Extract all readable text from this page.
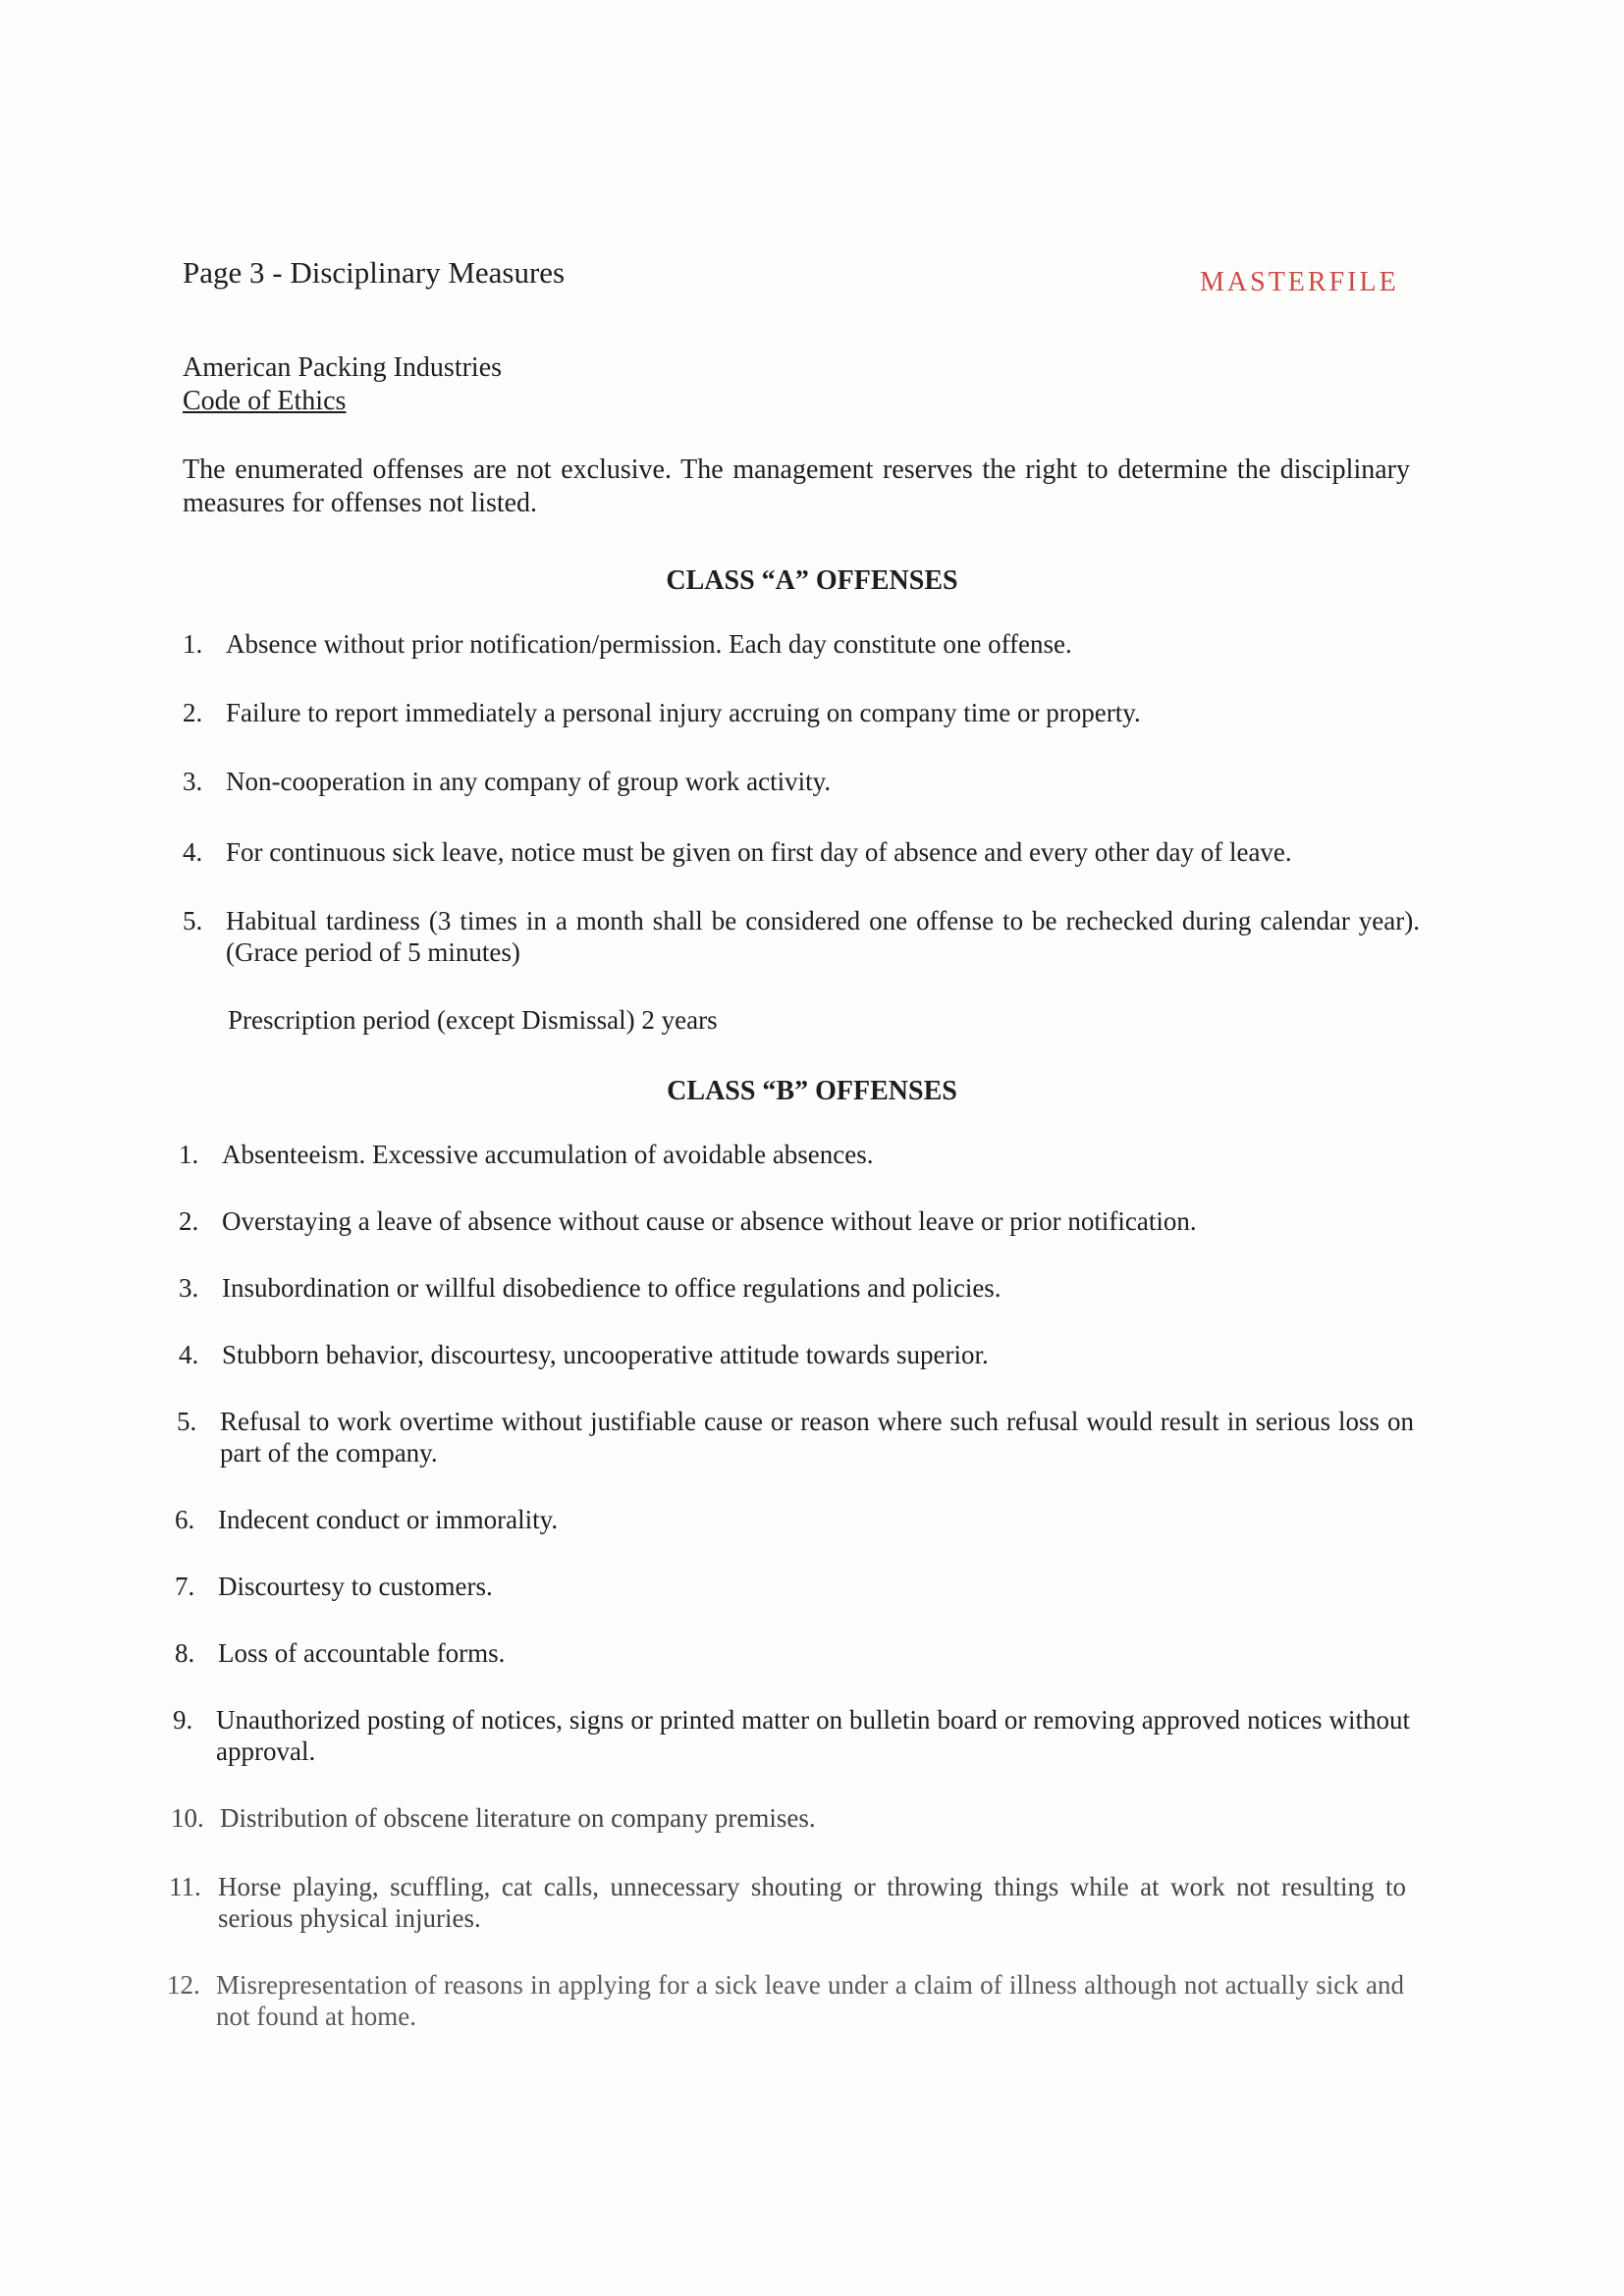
Page 3 - Disciplinary Measures	MASTERFILE
American Packing Industries
Code of Ethics

The enumerated offenses are not exclusive. The management reserves the right to determine the disciplinary measures for offenses not listed.

CLASS “A” OFFENSES
1. Absence without prior notification/permission. Each day constitute one offense.
2. Failure to report immediately a personal injury accruing on company time or property.
3. Non-cooperation in any company of group work activity.
4. For continuous sick leave, notice must be given on first day of absence and every other day of leave.
5. Habitual tardiness (3 times in a month shall be considered one offense to be rechecked during calendar year). (Grace period of 5 minutes)

Prescription period (except Dismissal) 2 years

CLASS “B” OFFENSES
1. Absenteeism. Excessive accumulation of avoidable absences.
2. Overstaying a leave of absence without cause or absence without leave or prior notification.
3. Insubordination or willful disobedience to office regulations and policies.
4. Stubborn behavior, discourtesy, uncooperative attitude towards superior.
5. Refusal to work overtime without justifiable cause or reason where such refusal would result in serious loss on part of the company.
6. Indecent conduct or immorality.
7. Discourtesy to customers.
8. Loss of accountable forms.
9. Unauthorized posting of notices, signs or printed matter on bulletin board or removing approved notices without approval.
10. Distribution of obscene literature on company premises.
11. Horse playing, scuffling, cat calls, unnecessary shouting or throwing things while at work not resulting to serious physical injuries.
12. Misrepresentation of reasons in applying for a sick leave under a claim of illness although not actually sick and not found at home.
